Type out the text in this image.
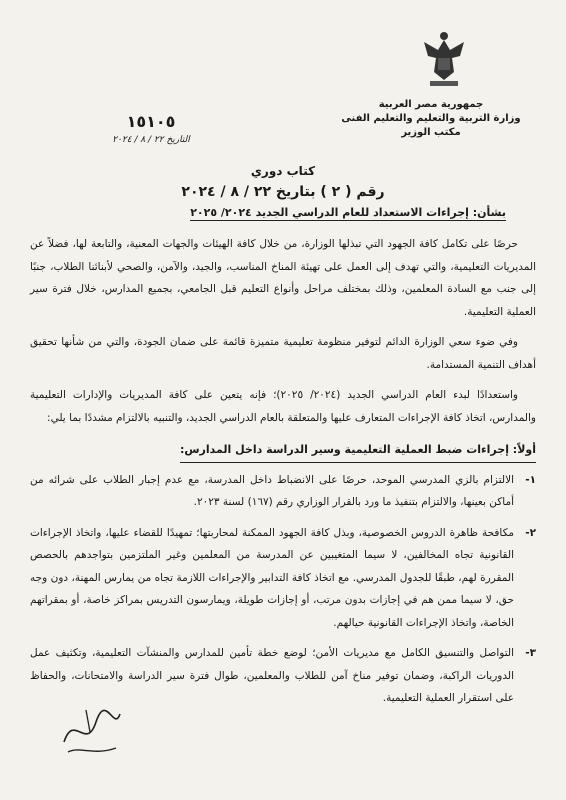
جمهورية مصر العربية
وزارة التربية والتعليم والتعليم الفنى
مكتب الوزير
١٥١٠٥
التاريخ ٢٢ / ٨ / ٢٠٢٤
كتاب دوري
رقم ( ٢ ) بتاريخ ٢٢ / ٨ / ٢٠٢٤
بشأن: إجراءات الاستعداد للعام الدراسي الجديد ٢٠٢٤/ ٢٠٢٥

حرصًا على تكامل كافة الجهود التي تبذلها الوزارة، من خلال كافة الهيئات والجهات المعنية، والتابعة لها، فضلاً عن المديريات التعليمية، والتي تهدف إلى العمل على تهيئة المناخ المناسب، والجيد، والآمن، والصحي لأبنائنا الطلاب، جنبًا إلى جنب مع السادة المعلمين، وذلك بمختلف مراحل وأنواع التعليم قبل الجامعي، بجميع المدارس، خلال فترة سير العملية التعليمية.

وفي ضوء سعي الوزارة الدائم لتوفير منظومة تعليمية متميزة قائمة على ضمان الجودة، والتي من شأنها تحقيق أهداف التنمية المستدامة.

واستعدادًا لبدء العام الدراسي الجديد (٢٠٢٤/ ٢٠٢٥)؛ فإنه يتعين على كافة المديريات والإدارات التعليمية والمدارس، اتخاذ كافة الإجراءات المتعارف عليها والمتعلقة بالعام الدراسي الجديد، والتنبيه بالالتزام مشددًا بما يلي:

أولاً: إجراءات ضبط العملية التعليمية وسير الدراسة داخل المدارس:
١-
الالتزام بالزي المدرسي الموحد، حرصًا على الانضباط داخل المدرسة، مع عدم إجبار الطلاب على شرائه من أماكن بعينها، والالتزام بتنفيذ ما ورد بالقرار الوزاري رقم (١٦٧) لسنة ٢٠٢٣.
٢-
مكافحة ظاهرة الدروس الخصوصية، وبذل كافة الجهود الممكنة لمحاربتها؛ تمهيدًا للقضاء عليها، واتخاذ الإجراءات القانونية تجاه المخالفين، لا سيما المتغيبين عن المدرسة من المعلمين وغير الملتزمين بتواجدهم بالحصص المقررة لهم، طبقًا للجدول المدرسي. مع اتخاذ كافة التدابير والإجراءات اللازمة تجاه من يمارس المهنة، دون وجه حق، لا سيما ممن هم في إجازات بدون مرتب، أو إجازات طويلة، ويمارسون التدريس بمراكز خاصة، أو بمقراتهم الخاصة، واتخاذ الإجراءات القانونية حيالهم.
٣-
التواصل والتنسيق الكامل مع مديريات الأمن؛ لوضع خطة تأمين للمدارس والمنشآت التعليمية، وتكثيف عمل الدوريات الراكبة، وضمان توفير مناخ آمن للطلاب والمعلمين، طوال فترة سير الدراسة والامتحانات، والحفاظ على استقرار العملية التعليمية.
